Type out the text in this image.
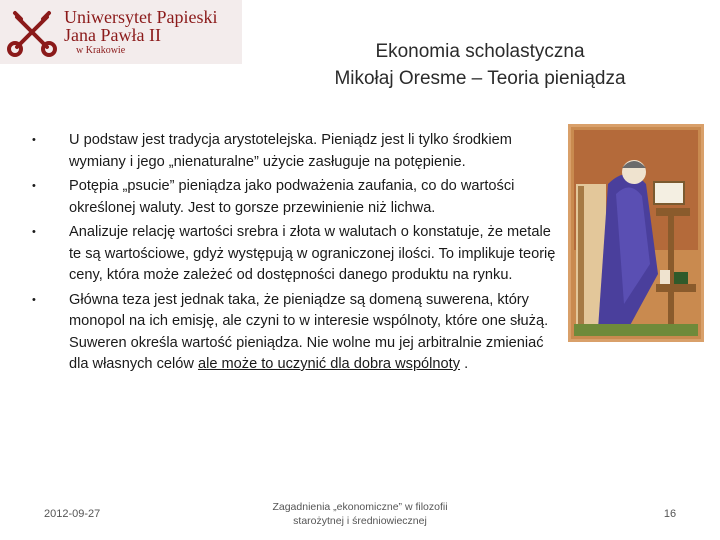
Uniwersytet Papieski
Jana Pawła II
w Krakowie	Ekonomia scholastyczna
Mikołaj Oresme – Teoria pieniądza
•	U podstaw jest tradycja arystotelejska. Pieniądz jest li tylko środkiem wymiany i jego „nienaturalne” użycie zasługuje na potępienie.
•	Potępia „psucie” pieniądza jako podważenia zaufania, co do wartości określonej waluty. Jest to gorsze przewinienie niż lichwa.
•	Analizuje relację wartości srebra i złota w walutach o konstatuje, że metale te są wartościowe, gdyż występują w ograniczonej ilości. To implikuje teorię ceny, która może zależeć od dostępności danego produktu na rynku.
•	Główna teza jest jednak taka, że pieniądze są domeną suwerena, który monopol na ich emisję, ale czyni to w interesie wspólnoty, które one służą. Suweren określa wartość pieniądza. Nie wolne mu jej arbitralnie zmieniać dla własnych celów ale może to uczynić dla dobra wspólnoty .
2012-09-27
Zagadnienia „ekonomiczne” w filozofii
starożytnej i średniowiecznej
16
